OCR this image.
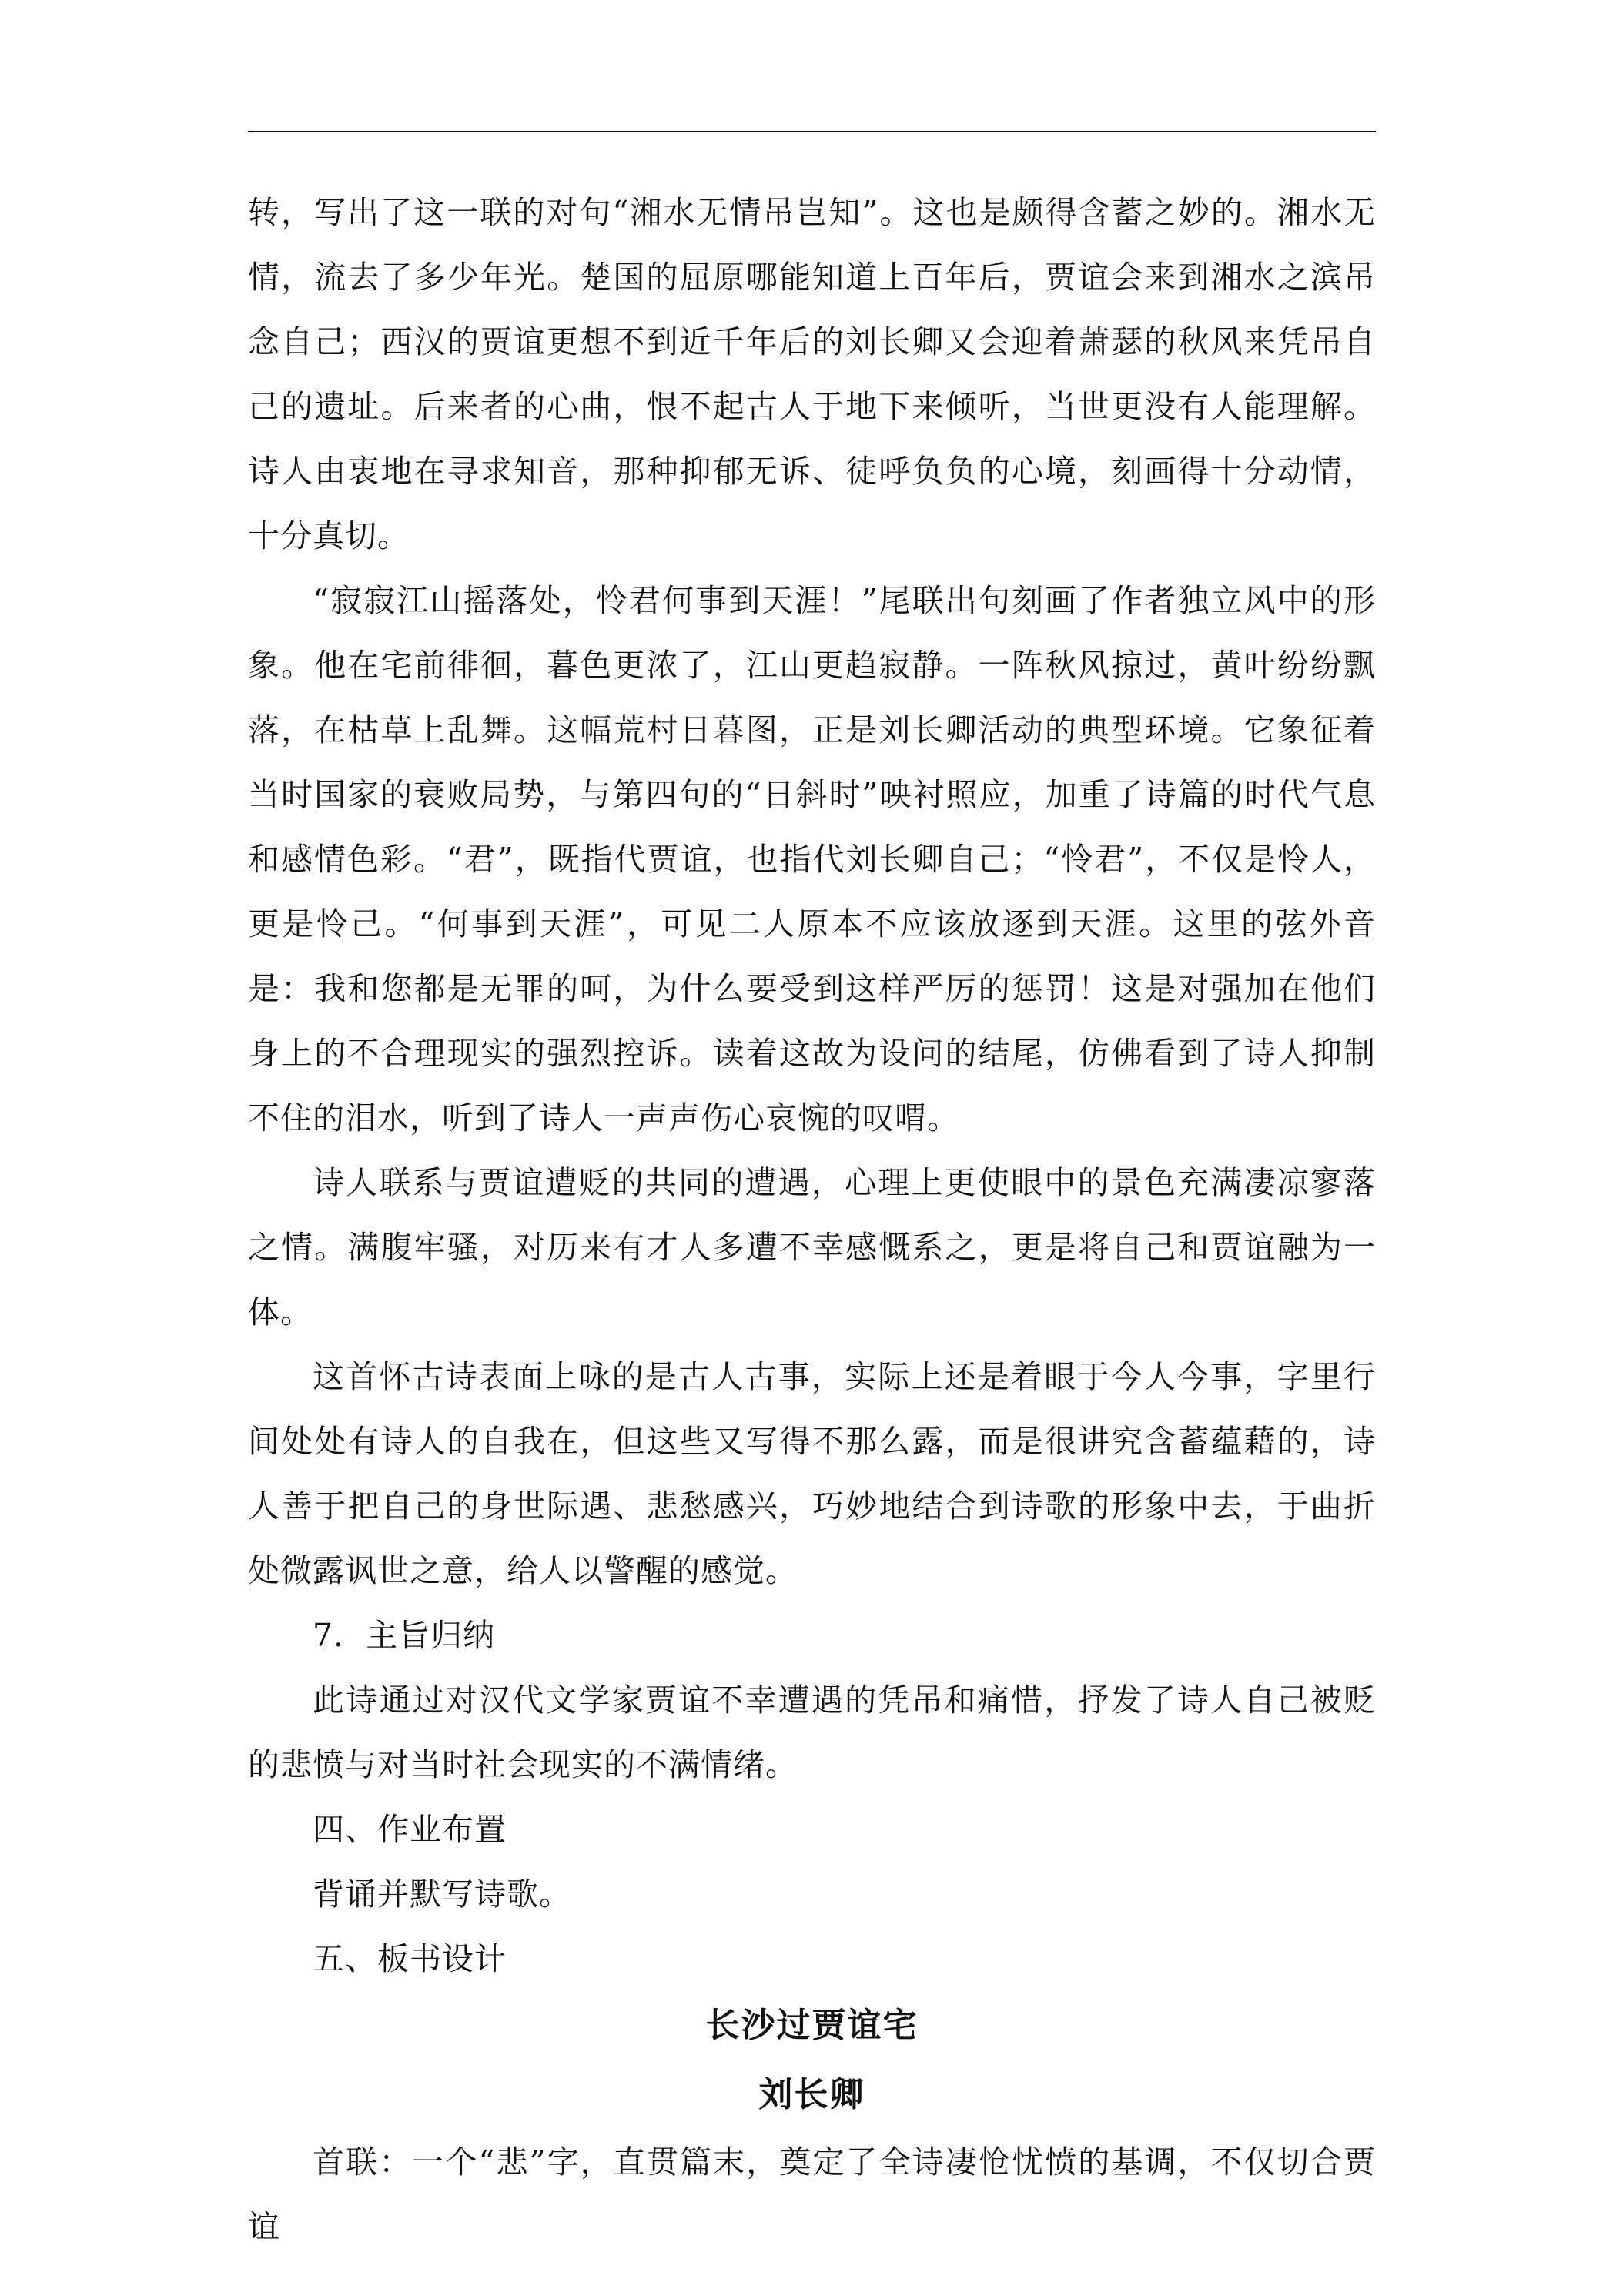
转，写出了这一联的对句“湘水无情吊岂知”。这也是颇得含蓄之妙的。湘水无情，流去了多少年光。楚国的屈原哪能知道上百年后，贾谊会来到湘水之滨吊念自己；西汉的贾谊更想不到近千年后的刘长卿又会迎着萧瑟的秋风来凭吊自己的遗址。后来者的心曲，恨不起古人于地下来倾听，当世更没有人能理解。诗人由衷地在寻求知音，那种抑郁无诉、徒呼负负的心境，刻画得十分动情，十分真切。

“寂寂江山摇落处，怜君何事到天涯！”尾联出句刻画了作者独立风中的形象。他在宅前徘徊，暮色更浓了，江山更趋寂静。一阵秋风掠过，黄叶纷纷飘落，在枯草上乱舞。这幅荒村日暮图，正是刘长卿活动的典型环境。它象征着当时国家的衰败局势，与第四句的“日斜时”映衬照应，加重了诗篇的时代气息和感情色彩。“君”，既指代贾谊，也指代刘长卿自己；“怜君”，不仅是怜人，更是怜己。“何事到天涯”，可见二人原本不应该放逐到天涯。这里的弦外音是：我和您都是无罪的呵，为什么要受到这样严厉的惩罚！这是对强加在他们身上的不合理现实的强烈控诉。读着这故为设问的结尾，仿佛看到了诗人抑制不住的泪水，听到了诗人一声声伤心哀惋的叹喟。

诗人联系与贾谊遭贬的共同的遭遇，心理上更使眼中的景色充满凄凉寥落之情。满腹牢骚，对历来有才人多遭不幸感慨系之，更是将自己和贾谊融为一体。

这首怀古诗表面上咏的是古人古事，实际上还是着眼于今人今事，字里行间处处有诗人的自我在，但这些又写得不那么露，而是很讲究含蓄蕴藉的，诗人善于把自己的身世际遇、悲愁感兴，巧妙地结合到诗歌的形象中去，于曲折处微露讽世之意，给人以警醒的感觉。

7．主旨归纳

此诗通过对汉代文学家贾谊不幸遭遇的凭吊和痛惜，抒发了诗人自己被贬的悲愤与对当时社会现实的不满情绪。

四、作业布置

背诵并默写诗歌。

五、板书设计

长沙过贾谊宅
刘长卿

首联：一个“悲”字，直贯篇末，奠定了全诗凄怆忧愤的基调，不仅切合贾谊
